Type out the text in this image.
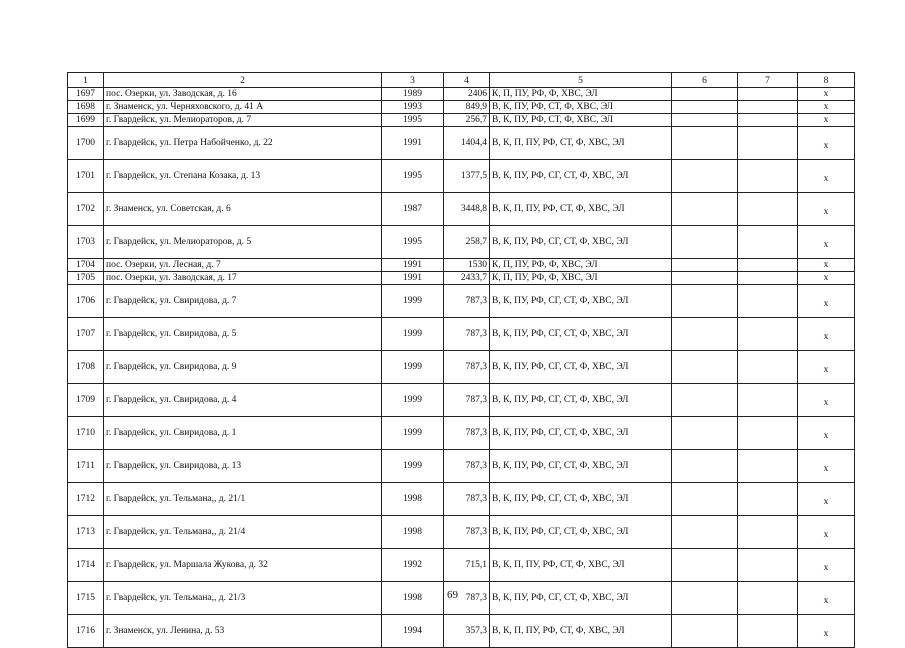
1	2	3	4	5	6	7	8
1697	пос. Озерки, ул. Заводская, д. 16	1989	2406	К, П, ПУ, РФ, Ф, ХВС, ЭЛ			x
1698	г. Знаменск, ул. Черняховского, д. 41 А	1993	849,9	В, К, ПУ, РФ, СТ, Ф, ХВС, ЭЛ			x
1699	г. Гвардейск, ул. Мелиораторов, д. 7	1995	256,7	В, К, ПУ, РФ, СТ, Ф, ХВС, ЭЛ			x
1700	г. Гвардейск, ул. Петра Набойченко, д. 22	1991	1404,4	В, К, П, ПУ, РФ, СТ, Ф, ХВС, ЭЛ			x
1701	г. Гвардейск, ул. Степана Козака, д. 13	1995	1377,5	В, К, ПУ, РФ, СГ, СТ, Ф, ХВС, ЭЛ			x
1702	г. Знаменск, ул. Советская, д. 6	1987	3448,8	В, К, П, ПУ, РФ, СТ, Ф, ХВС, ЭЛ			x
1703	г. Гвардейск, ул. Мелиораторов, д. 5	1995	258,7	В, К, ПУ, РФ, СГ, СТ, Ф, ХВС, ЭЛ			x
1704	пос. Озерки, ул. Лесная, д. 7	1991	1530	К, П, ПУ, РФ, Ф, ХВС, ЭЛ			x
1705	пос. Озерки, ул. Заводская, д. 17	1991	2433,7	К, П, ПУ, РФ, Ф, ХВС, ЭЛ			x
1706	г. Гвардейск, ул. Свиридова, д. 7	1999	787,3	В, К, ПУ, РФ, СГ, СТ, Ф, ХВС, ЭЛ			x
1707	г. Гвардейск, ул. Свиридова, д. 5	1999	787,3	В, К, ПУ, РФ, СГ, СТ, Ф, ХВС, ЭЛ			x
1708	г. Гвардейск, ул. Свиридова, д. 9	1999	787,3	В, К, ПУ, РФ, СГ, СТ, Ф, ХВС, ЭЛ			x
1709	г. Гвардейск, ул. Свиридова, д. 4	1999	787,3	В, К, ПУ, РФ, СГ, СТ, Ф, ХВС, ЭЛ			x
1710	г. Гвардейск, ул. Свиридова, д. 1	1999	787,3	В, К, ПУ, РФ, СГ, СТ, Ф, ХВС, ЭЛ			x
1711	г. Гвардейск, ул. Свиридова, д. 13	1999	787,3	В, К, ПУ, РФ, СГ, СТ, Ф, ХВС, ЭЛ			x
1712	г. Гвардейск, ул. Тельмана,, д. 21/1	1998	787,3	В, К, ПУ, РФ, СГ, СТ, Ф, ХВС, ЭЛ			x
1713	г. Гвардейск, ул. Тельмана,, д. 21/4	1998	787,3	В, К, ПУ, РФ, СГ, СТ, Ф, ХВС, ЭЛ			x
1714	г. Гвардейск, ул. Маршала Жукова, д. 32	1992	715,1	В, К, П, ПУ, РФ, СТ, Ф, ХВС, ЭЛ			x
1715	г. Гвардейск, ул. Тельмана,, д. 21/3	1998	787,3	В, К, ПУ, РФ, СГ, СТ, Ф, ХВС, ЭЛ			x
1716	г. Знаменск, ул. Ленина, д. 53	1994	357,3	В, К, П, ПУ, РФ, СТ, Ф, ХВС, ЭЛ			x
69
